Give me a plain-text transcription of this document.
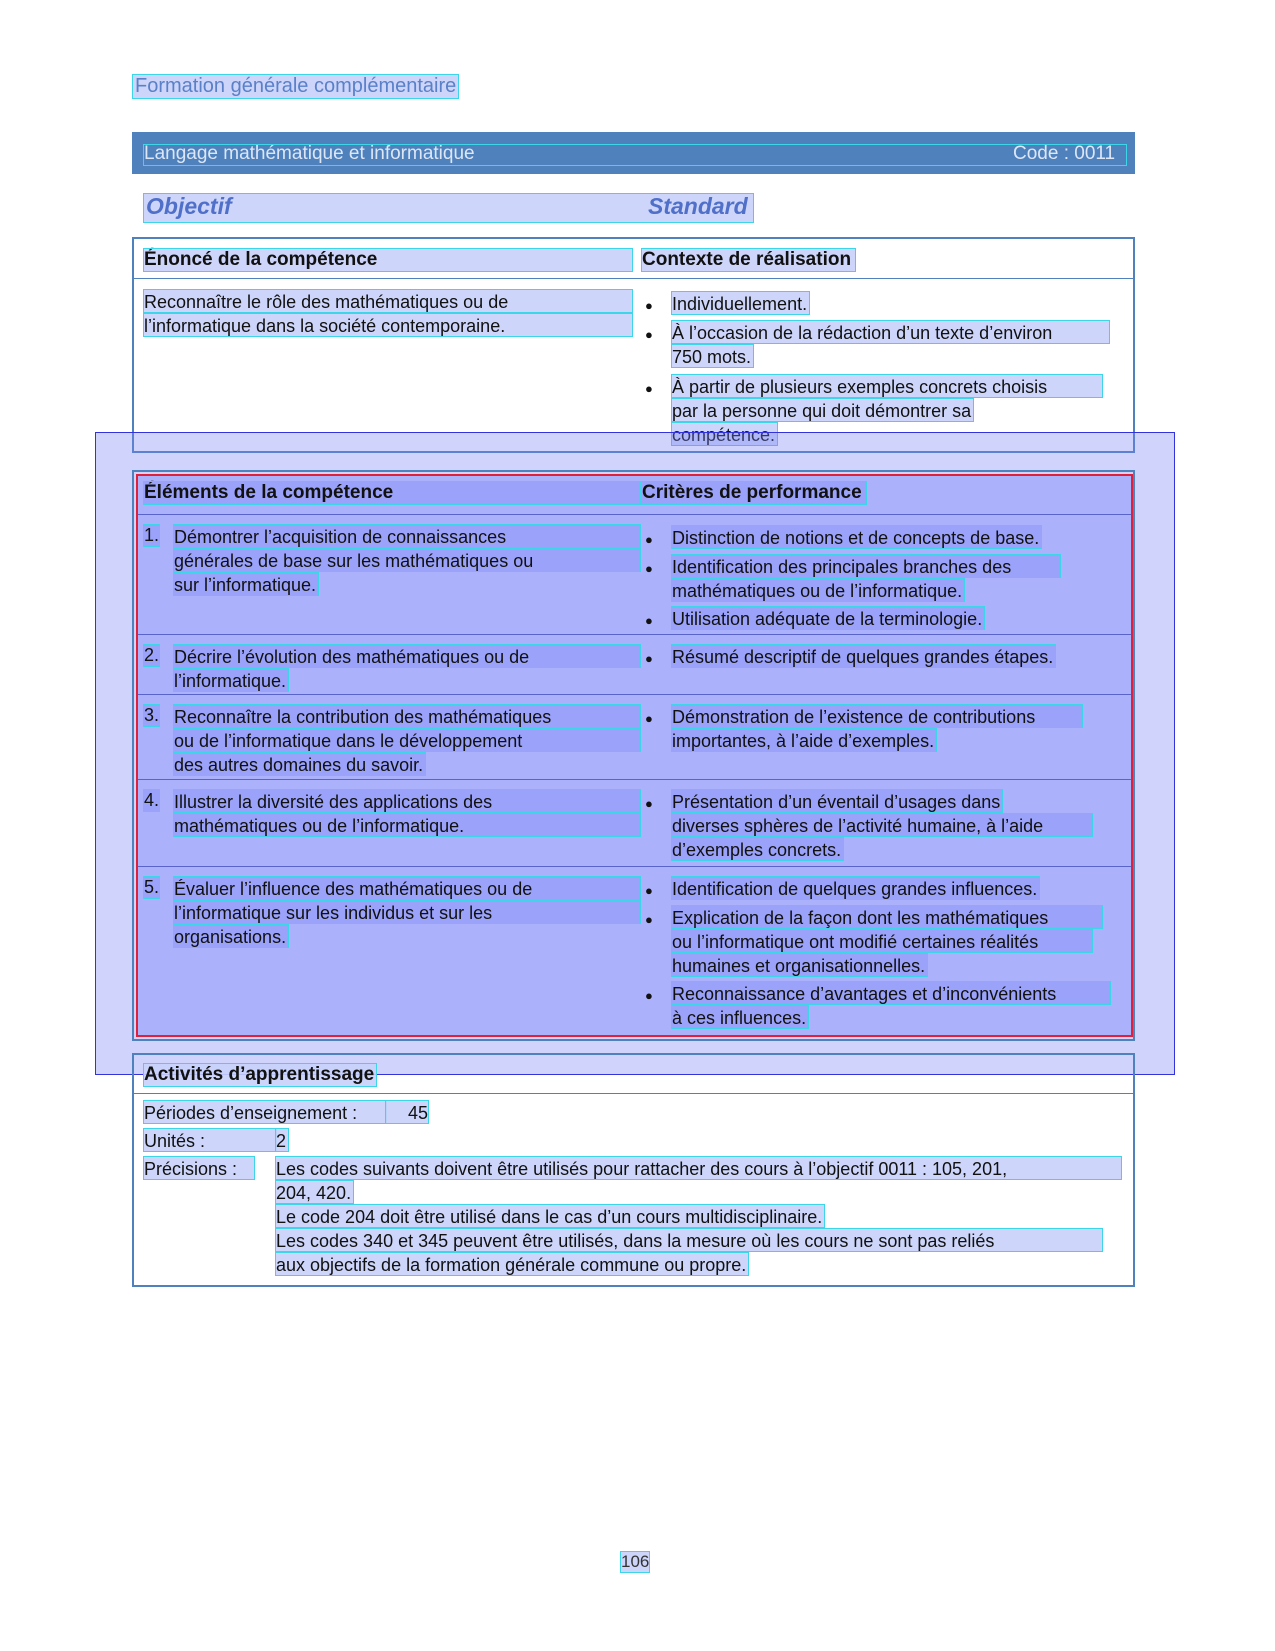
Formation générale complémentaire
Langage mathématique et informatique	Code : 0011
Objectif	Standard
Énoncé de la compétence	Contexte de réalisation
Reconnaître le rôle des mathématiques ou de
l’informatique dans la société contemporaine.
● Individuellement.
● À l’occasion de la rédaction d’un texte d’environ
750 mots.
● À partir de plusieurs exemples concrets choisis
par la personne qui doit démontrer sa
compétence.
Éléments de la compétence	Critères de performance
1. Démontrer l’acquisition de connaissances
générales de base sur les mathématiques ou
sur l’informatique.
● Distinction de notions et de concepts de base.
● Identification des principales branches des
mathématiques ou de l’informatique.
● Utilisation adéquate de la terminologie.
2. Décrire l’évolution des mathématiques ou de
l’informatique.
● Résumé descriptif de quelques grandes étapes.
3. Reconnaître la contribution des mathématiques
ou de l’informatique dans le développement
des autres domaines du savoir.
● Démonstration de l’existence de contributions
importantes, à l’aide d’exemples.
4. Illustrer la diversité des applications des
mathématiques ou de l’informatique.
● Présentation d’un éventail d’usages dans
diverses sphères de l’activité humaine, à l’aide
d’exemples concrets.
5. Évaluer l’influence des mathématiques ou de
l’informatique sur les individus et sur les
organisations.
● Identification de quelques grandes influences.
● Explication de la façon dont les mathématiques
ou l’informatique ont modifié certaines réalités
humaines et organisationnelles.
● Reconnaissance d’avantages et d’inconvénients
à ces influences.
Activités d’apprentissage
Périodes d’enseignement :	45
Unités :	2
Précisions :	Les codes suivants doivent être utilisés pour rattacher des cours à l’objectif 0011 : 105, 201,
204, 420.
Le code 204 doit être utilisé dans le cas d’un cours multidisciplinaire.
Les codes 340 et 345 peuvent être utilisés, dans la mesure où les cours ne sont pas reliés
aux objectifs de la formation générale commune ou propre.
106
